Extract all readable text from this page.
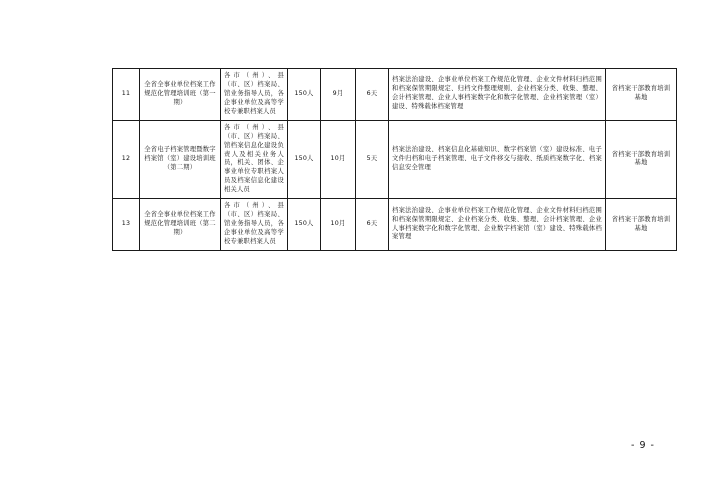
11	全省全事业单位档案工作规范化管理培训班（第一期）	各市（州）、县（市、区）档案局、馆业务指导人员，各企事业单位及高等学校专兼职档案人员	150人	9月	6天	档案法治建设、企事业单位档案工作规范化管理、企业文件材料归档范围和档案保管期限规定、归档文件整理规则、企业档案分类、收集、整理、会计档案管理、企业人事档案数字化和数字化管理、企业档案管理（室）建设、特殊载体档案管理	省档案干部教育培训基地

12	全省电子档案管理暨数字档案馆（室）建设培训班（第二期）	各市（州）、县（市、区）档案局、馆档案信息化建设负责人及相关业务人员，机关、团体、企事业单位专职档案人员及档案信息化建设相关人员	150人	10月	5天	档案法治建设、档案信息化基础知识、数字档案馆（室）建设标准、电子文件归档和电子档案管理、电子文件移交与接收、纸质档案数字化、档案信息安全管理	省档案干部教育培训基地

13	全省全事业单位档案工作规范化管理培训班（第二期）	各市（州）、县（市、区）档案局、馆业务指导人员，各企事业单位及高等学校专兼职档案人员	150人	10月	6天	档案法治建设、企事业单位档案工作规范化管理、企业文件材料归档范围和档案保管期限规定、企业档案分类、收集、整理、会计档案管理、企业人事档案数字化和数字化管理、企业数字档案馆（室）建设、特殊载体档案管理	省档案干部教育培训基地
- 9 -
